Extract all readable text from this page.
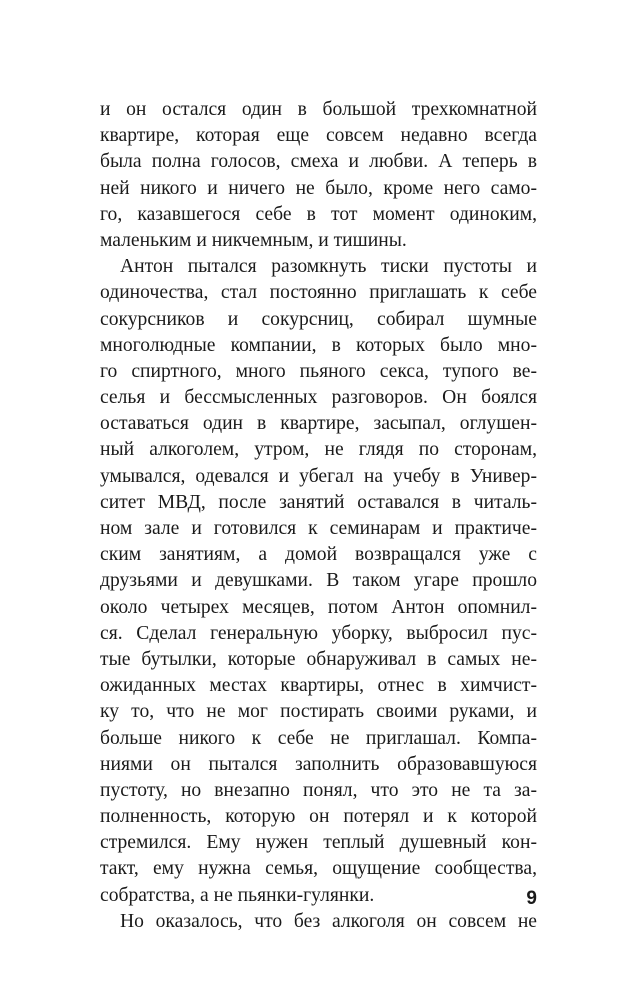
и он остался один в большой трехкомнатной
квартире, которая еще совсем недавно всегда
была полна голосов, смеха и любви. А теперь в
ней никого и ничего не было, кроме него само-
го, казавшегося себе в тот момент одиноким,
маленьким и никчемным, и тишины.
Антон пытался разомкнуть тиски пустоты и
одиночества, стал постоянно приглашать к себе
сокурсников и сокурсниц, собирал шумные
многолюдные компании, в которых было мно-
го спиртного, много пьяного секса, тупого ве-
селья и бессмысленных разговоров. Он боялся
оставаться один в квартире, засыпал, оглушен-
ный алкоголем, утром, не глядя по сторонам,
умывался, одевался и убегал на учебу в Универ-
ситет МВД, после занятий оставался в читаль-
ном зале и готовился к семинарам и практиче-
ским занятиям, а домой возвращался уже с
друзьями и девушками. В таком угаре прошло
около четырех месяцев, потом Антон опомнил-
ся. Сделал генеральную уборку, выбросил пус-
тые бутылки, которые обнаруживал в самых не-
ожиданных местах квартиры, отнес в химчист-
ку то, что не мог постирать своими руками, и
больше никого к себе не приглашал. Компа-
ниями он пытался заполнить образовавшуюся
пустоту, но внезапно понял, что это не та за-
полненность, которую он потерял и к которой
стремился. Ему нужен теплый душевный кон-
такт, ему нужна семья, ощущение сообщества,
собратства, а не пьянки-гулянки.
Но оказалось, что без алкоголя он совсем не
9
